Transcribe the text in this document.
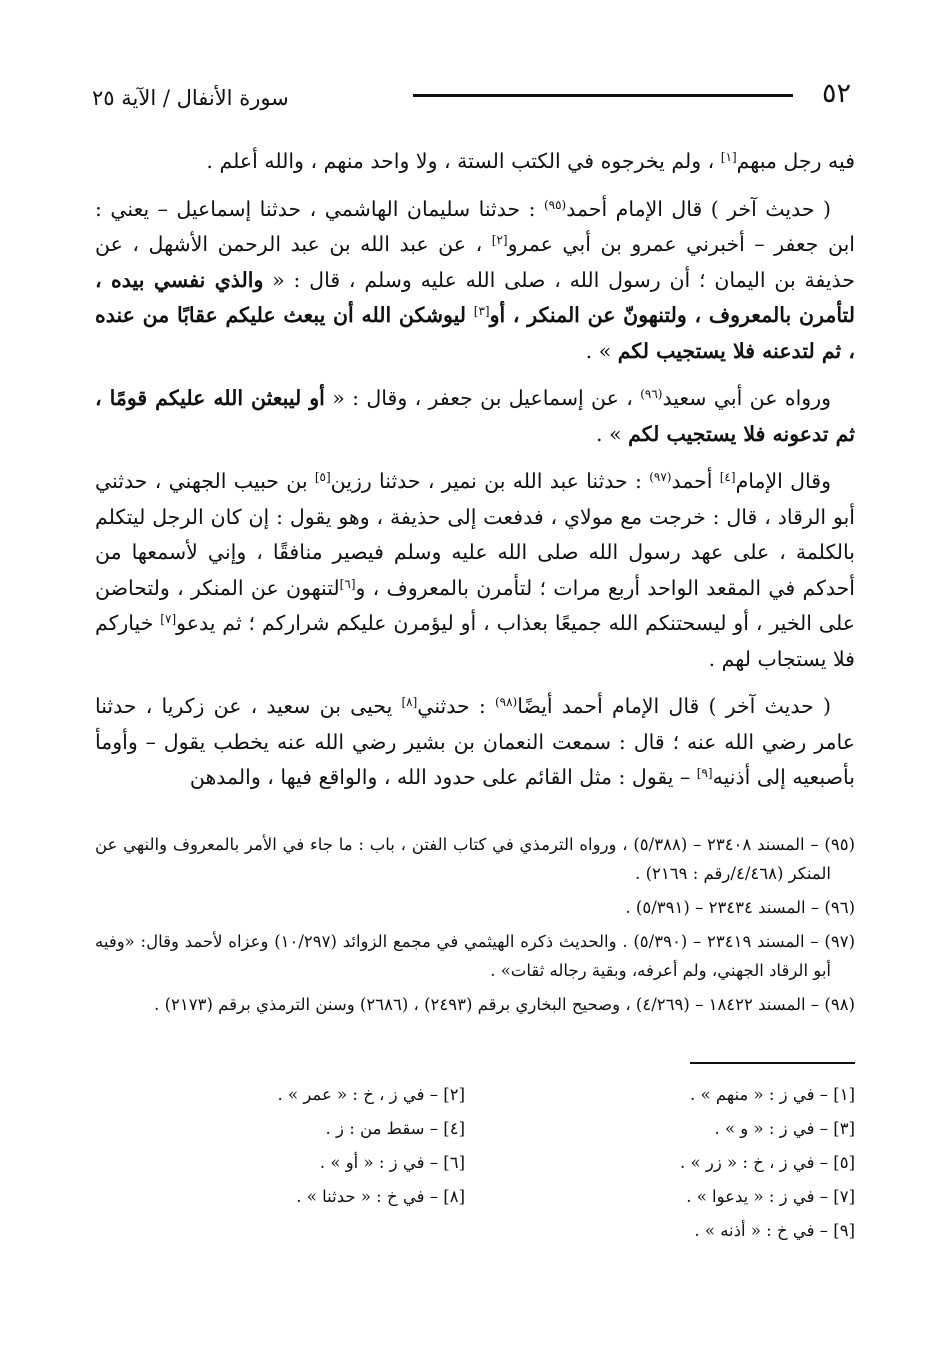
٥٢
سورة الأنفال / الآية ٢٥

فيه رجل مبهم[١] ، ولم يخرجوه في الكتب الستة ، ولا واحد منهم ، والله أعلم .

( حديث آخر ) قال الإمام أحمد$^{(٩٥)}$ : حدثنا سليمان الهاشمي ، حدثنا إسماعيل – يعني : ابن جعفر – أخبرني عمرو بن أبي عمرو[٢] ، عن عبد الله بن عبد الرحمن الأشهل ، عن حذيفة بن اليمان ؛ أن رسول الله ، صلى الله عليه وسلم ، قال : « والذي نفسي بيده ، لتأمرن بالمعروف ، ولتنهونّ عن المنكر ، أو[٣] ليوشكن الله أن يبعث عليكم عقابًا من عنده ، ثم لتدعنه فلا يستجيب لكم » .

ورواه عن أبي سعيد$^{(٩٦)}$ ، عن إسماعيل بن جعفر ، وقال : « أو ليبعثن الله عليكم قومًا ، ثم تدعونه فلا يستجيب لكم » .

وقال الإمام[٤] أحمد$^{(٩٧)}$ : حدثنا عبد الله بن نمير ، حدثنا رزين[٥] بن حبيب الجهني ، حدثني أبو الرقاد ، قال : خرجت مع مولاي ، فدفعت إلى حذيفة ، وهو يقول : إن كان الرجل ليتكلم بالكلمة ، على عهد رسول الله صلى الله عليه وسلم فيصير منافقًا ، وإني لأسمعها من أحدكم في المقعد الواحد أربع مرات ؛ لتأمرن بالمعروف ، و[٦]لتنهون عن المنكر ، ولتحاضن على الخير ، أو ليسحتنكم الله جميعًا بعذاب ، أو ليؤمرن عليكم شراركم ؛ ثم يدعو[٧] خياركم فلا يستجاب لهم .

( حديث آخر ) قال الإمام أحمد أيضًا$^{(٩٨)}$ : حدثني[٨] يحيى بن سعيد ، عن زكريا ، حدثنا عامر رضي الله عنه ؛ قال : سمعت النعمان بن بشير رضي الله عنه يخطب يقول – وأومأ بأصبعيه إلى أذنيه[٩] – يقول : مثل القائم على حدود الله ، والواقع فيها ، والمدهن

(٩٥) – المسند ٢٣٤٠٨ – (٥/٣٨٨) ، ورواه الترمذي في كتاب الفتن ، باب : ما جاء في الأمر بالمعروف والنهي عن المنكر (٤/٤٦٨/رقم : ٢١٦٩) .

(٩٦) – المسند ٢٣٤٣٤ – (٥/٣٩١) .

(٩٧) – المسند ٢٣٤١٩ – (٥/٣٩٠) . والحديث ذكره الهيثمي في مجمع الزوائد (١٠/٢٩٧) وعزاه لأحمد وقال: «وفيه أبو الرقاد الجهني، ولم أعرفه، وبقية رجاله ثقات» .

(٩٨) – المسند ١٨٤٢٢ – (٤/٢٦٩) ، وصحيح البخاري برقم (٢٤٩٣) ، (٢٦٨٦) وسنن الترمذي برقم (٢١٧٣) .

[١] – في ز : « منهم » .
[٢] – في ز ، خ : « عمر » .
[٣] – في ز : « و » .
[٤] – سقط من : ز .
[٥] – في ز ، خ : « زر » .
[٦] – في ز : « أو » .
[٧] – في ز : « يدعوا » .
[٨] – في خ : « حدثنا » .
[٩] – في خ : « أذنه » .
